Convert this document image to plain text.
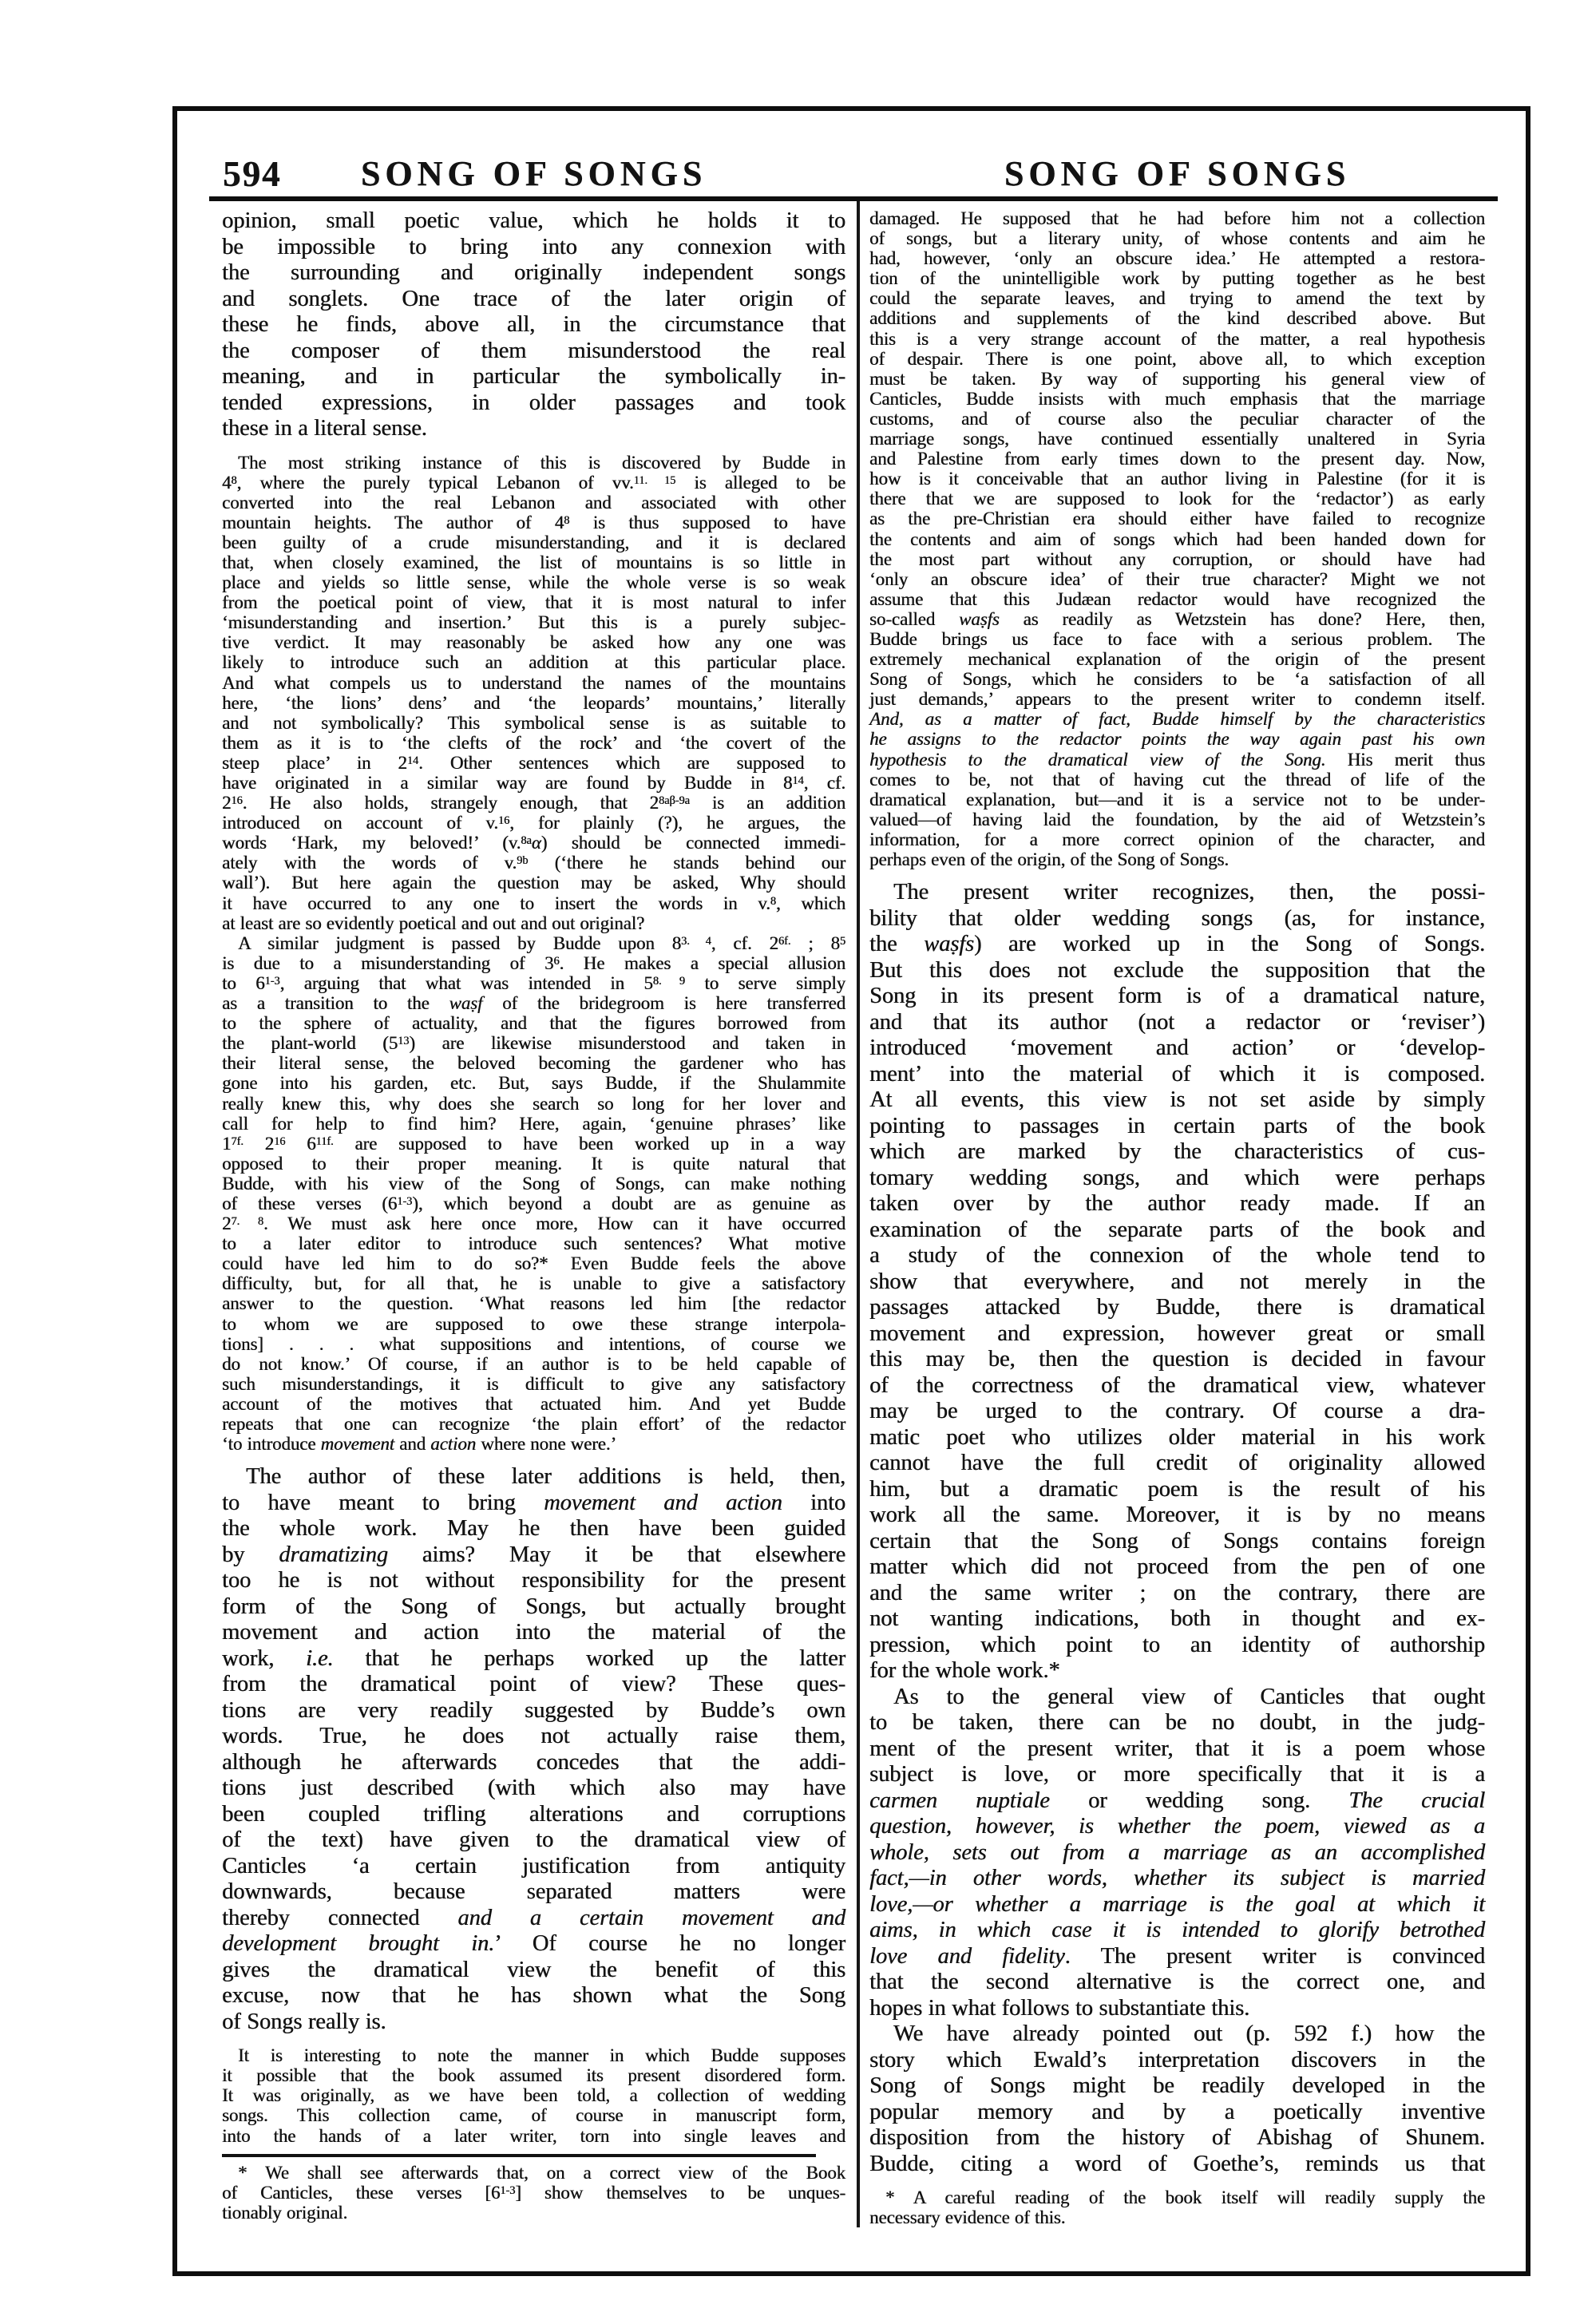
594	SONG OF SONGS	SONG OF SONGS
opinion, small poetic value, which he holds it to
be impossible to bring into any connexion with
the surrounding and originally independent songs
and songlets. One trace of the later origin of
these he finds, above all, in the circumstance that
the composer of them misunderstood the real
meaning, and in particular the symbolically in-
tended expressions, in older passages and took
these in a literal sense.
The most striking instance of this is discovered by Budde in
$4^8$, where the purely typical Lebanon of vv.$^{11. 15}$ is alleged to be
converted into the real Lebanon and associated with other
mountain heights. The author of $4^8$ is thus supposed to have
been guilty of a crude misunderstanding, and it is declared
that, when closely examined, the list of mountains is so little in
place and yields so little sense, while the whole verse is so weak
from the poetical point of view, that it is most natural to infer
‘misunderstanding and insertion.’ But this is a purely subjec-
tive verdict. It may reasonably be asked how any one was
likely to introduce such an addition at this particular place.
And what compels us to understand the names of the mountains
here, ‘the lions’ dens’ and ‘the leopards’ mountains,’ literally
and not symbolically? This symbolical sense is as suitable to
them as it is to ‘the clefts of the rock’ and ‘the covert of the
steep place’ in $2^{14}$. Other sentences which are supposed to
have originated in a similar way are found by Budde in $8^{14}$, cf.
$2^{16}$. He also holds, strangely enough, that $2^{8a\beta-9a}$ is an addition
introduced on account of v.$^{16}$, for plainly (?), he argues, the
words ‘Hark, my beloved!’ (v.$^{8a}$α) should be connected immedi-
ately with the words of v.$^{9b}$ (‘there he stands behind our
wall’). But here again the question may be asked, Why should
it have occurred to any one to insert the words in v.$^8$, which
at least are so evidently poetical and out and out original?
A similar judgment is passed by Budde upon $8^{3. 4}$, cf. $2^{6f.}$ ; $8^5$
is due to a misunderstanding of $3^6$. He makes a special allusion
to 6$^{1-3}$, arguing that what was intended in $5^{8. 9}$ to serve simply
as a transition to the waṣf of the bridegroom is here transferred
to the sphere of actuality, and that the figures borrowed from
the plant-world $(5^{13})$ are likewise misunderstood and taken in
their literal sense, the beloved becoming the gardener who has
gone into his garden, etc. But, says Budde, if the Shulammite
really knew this, why does she search so long for her lover and
call for help to find him? Here, again, ‘genuine phrases’ like
$1^{7f.}$ $2^{16}$ $6^{11f.}$ are supposed to have been worked up in a way
opposed to their proper meaning. It is quite natural that
Budde, with his view of the Song of Songs, can make nothing
of these verses (6$^{1-3}$), which beyond a doubt are as genuine as
$2^{7. 8}$. We must ask here once more, How can it have occurred
to a later editor to introduce such sentences? What motive
could have led him to do so?* Even Budde feels the above
difficulty, but, for all that, he is unable to give a satisfactory
answer to the question. ‘What reasons led him [the redactor
to whom we are supposed to owe these strange interpola-
tions] . . . what suppositions and intentions, of course we
do not know.’ Of course, if an author is to be held capable of
such misunderstandings, it is difficult to give any satisfactory
account of the motives that actuated him. And yet Budde
repeats that one can recognize ‘the plain effort’ of the redactor
‘to introduce movement and action where none were.’
The author of these later additions is held, then,
to have meant to bring movement and action into
the whole work. May he then have been guided
by dramatizing aims? May it be that elsewhere
too he is not without responsibility for the present
form of the Song of Songs, but actually brought
movement and action into the material of the
work, i.e. that he perhaps worked up the latter
from the dramatical point of view? These ques-
tions are very readily suggested by Budde’s own
words. True, he does not actually raise them,
although he afterwards concedes that the addi-
tions just described (with which also may have
been coupled trifling alterations and corruptions
of the text) have given to the dramatical view of
Canticles ‘a certain justification from antiquity
downwards, because separated matters were
thereby connected and a certain movement and
development brought in.’ Of course he no longer
gives the dramatical view the benefit of this
excuse, now that he has shown what the Song
of Songs really is.
It is interesting to note the manner in which Budde supposes
it possible that the book assumed its present disordered form.
It was originally, as we have been told, a collection of wedding
songs. This collection came, of course in manuscript form,
into the hands of a later writer, torn into single leaves and
* We shall see afterwards that, on a correct view of the Book
of Canticles, these verses [6$^{1-3}$] show themselves to be unques-
tionably original.
damaged. He supposed that he had before him not a collection
of songs, but a literary unity, of whose contents and aim he
had, however, ‘only an obscure idea.’ He attempted a restora-
tion of the unintelligible work by putting together as he best
could the separate leaves, and trying to amend the text by
additions and supplements of the kind described above. But
this is a very strange account of the matter, a real hypothesis
of despair. There is one point, above all, to which exception
must be taken. By way of supporting his general view of
Canticles, Budde insists with much emphasis that the marriage
customs, and of course also the peculiar character of the
marriage songs, have continued essentially unaltered in Syria
and Palestine from early times down to the present day. Now,
how is it conceivable that an author living in Palestine (for it is
there that we are supposed to look for the ‘redactor’) as early
as the pre-Christian era should either have failed to recognize
the contents and aim of songs which had been handed down for
the most part without any corruption, or should have had
‘only an obscure idea’ of their true character? Might we not
assume that this Judæan redactor would have recognized the
so-called waṣfs as readily as Wetzstein has done? Here, then,
Budde brings us face to face with a serious problem. The
extremely mechanical explanation of the origin of the present
Song of Songs, which he considers to be ‘a satisfaction of all
just demands,’ appears to the present writer to condemn itself.
And, as a matter of fact, Budde himself by the characteristics
he assigns to the redactor points the way again past his own
hypothesis to the dramatical view of the Song. His merit thus
comes to be, not that of having cut the thread of life of the
dramatical explanation, but—and it is a service not to be under-
valued—of having laid the foundation, by the aid of Wetzstein’s
information, for a more correct opinion of the character, and
perhaps even of the origin, of the Song of Songs.
The present writer recognizes, then, the possi-
bility that older wedding songs (as, for instance,
the waṣfs) are worked up in the Song of Songs.
But this does not exclude the supposition that the
Song in its present form is of a dramatical nature,
and that its author (not a redactor or ‘reviser’)
introduced ‘movement and action’ or ‘develop-
ment’ into the material of which it is composed.
At all events, this view is not set aside by simply
pointing to passages in certain parts of the book
which are marked by the characteristics of cus-
tomary wedding songs, and which were perhaps
taken over by the author ready made. If an
examination of the separate parts of the book and
a study of the connexion of the whole tend to
show that everywhere, and not merely in the
passages attacked by Budde, there is dramatical
movement and expression, however great or small
this may be, then the question is decided in favour
of the correctness of the dramatical view, whatever
may be urged to the contrary. Of course a dra-
matic poet who utilizes older material in his work
cannot have the full credit of originality allowed
him, but a dramatic poem is the result of his
work all the same. Moreover, it is by no means
certain that the Song of Songs contains foreign
matter which did not proceed from the pen of one
and the same writer ; on the contrary, there are
not wanting indications, both in thought and ex-
pression, which point to an identity of authorship
for the whole work.*
As to the general view of Canticles that ought
to be taken, there can be no doubt, in the judg-
ment of the present writer, that it is a poem whose
subject is love, or more specifically that it is a
carmen nuptiale or wedding song. The crucial
question, however, is whether the poem, viewed as a
whole, sets out from a marriage as an accomplished
fact,—in other words, whether its subject is married
love,—or whether a marriage is the goal at which it
aims, in which case it is intended to glorify betrothed
love and fidelity. The present writer is convinced
that the second alternative is the correct one, and
hopes in what follows to substantiate this.
We have already pointed out (p. 592 f.) how the
story which Ewald’s interpretation discovers in the
Song of Songs might be readily developed in the
popular memory and by a poetically inventive
disposition from the history of Abishag of Shunem.
Budde, citing a word of Goethe’s, reminds us that
* A careful reading of the book itself will readily supply the
necessary evidence of this.
